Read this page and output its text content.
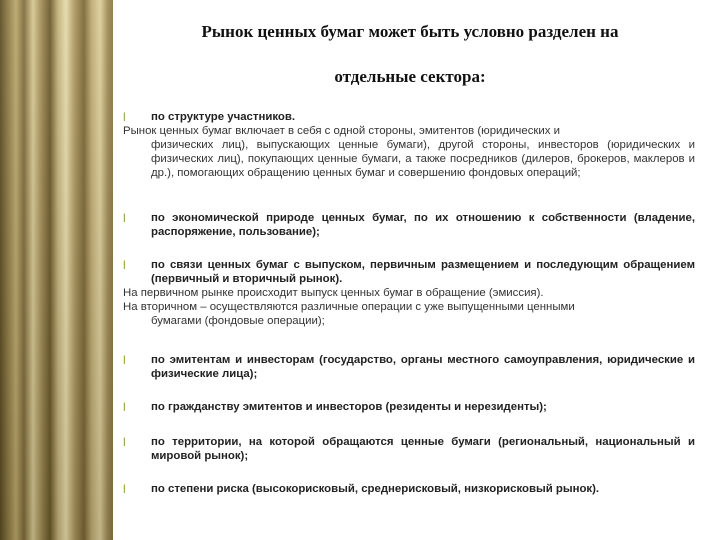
Рынок ценных бумаг может быть условно разделен на
отдельные сектора:
l	по структуре участников.
Рынок ценных бумаг включает в себя с одной стороны, эмитентов (юридических и
физических лиц), выпускающих ценные бумаги), другой стороны, инвесторов (юридических и физических лиц), покупающих ценные бумаги, а также посредников (дилеров, брокеров, маклеров и др.), помогающих обращению ценных бумаг и совершению фондовых операций;
l	по экономической природе ценных бумаг, по их отношению к собственности (владение, распоряжение, пользование);
l	по связи ценных бумаг с выпуском, первичным размещением и последующим обращением (первичный и вторичный рынок).
На первичном рынке происходит выпуск ценных бумаг в обращение (эмиссия).
На вторичном – осуществляются различные операции с уже выпущенными ценными
бумагами (фондовые операции);
l	по эмитентам и инвесторам (государство, органы местного самоуправления, юридические и физические лица);
l	по гражданству эмитентов и инвесторов (резиденты и нерезиденты);
l	по территории, на которой обращаются ценные бумаги (региональный, национальный и мировой рынок);
l	по степени риска (высокорисковый, среднерисковый, низкорисковый рынок).
